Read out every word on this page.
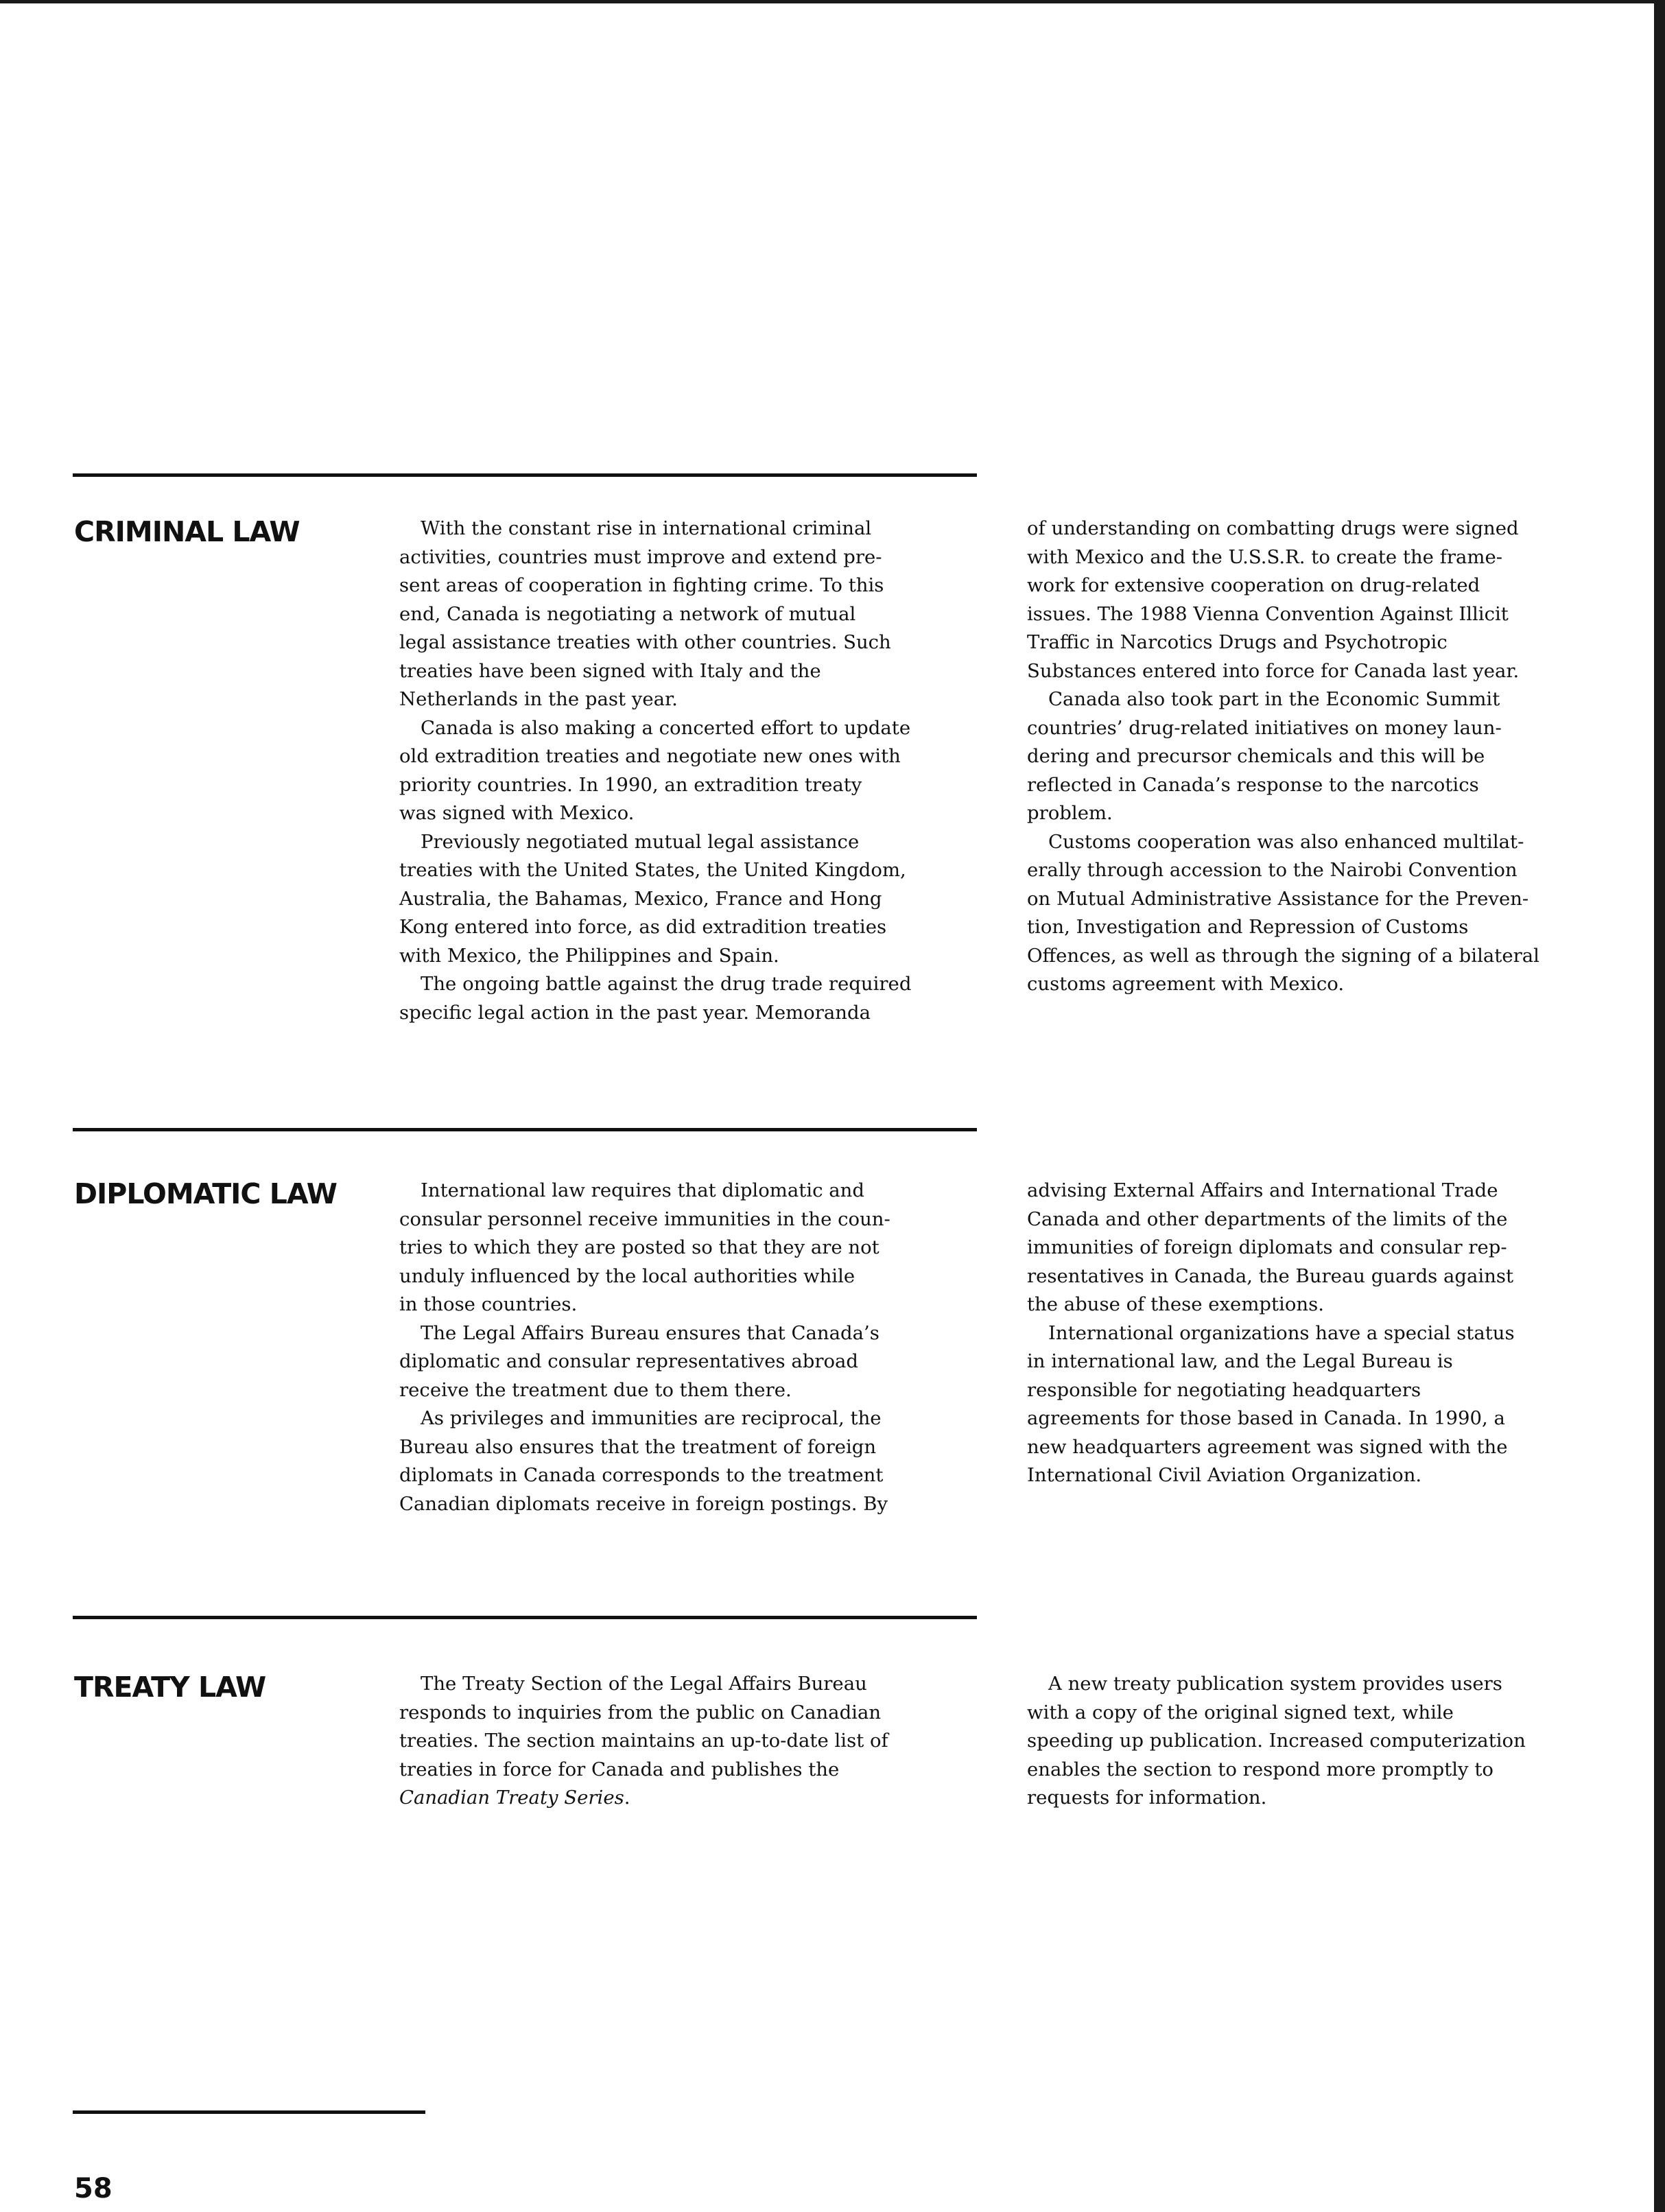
CRIMINAL LAW	With the constant rise in international criminal
activities, countries must improve and extend pre-
sent areas of cooperation in fighting crime. To this
end, Canada is negotiating a network of mutual
legal assistance treaties with other countries. Such
treaties have been signed with Italy and the
Netherlands in the past year.

Canada is also making a concerted effort to update
old extradition treaties and negotiate new ones with
priority countries. In 1990, an extradition treaty
was signed with Mexico.

Previously negotiated mutual legal assistance
treaties with the United States, the United Kingdom,
Australia, the Bahamas, Mexico, France and Hong
Kong entered into force, as did extradition treaties
with Mexico, the Philippines and Spain.

The ongoing battle against the drug trade required
specific legal action in the past year. Memoranda

of understanding on combatting drugs were signed
with Mexico and the U.S.S.R. to create the frame-
work for extensive cooperation on drug-related
issues. The 1988 Vienna Convention Against Illicit
Traffic in Narcotics Drugs and Psychotropic
Substances entered into force for Canada last year.

Canada also took part in the Economic Summit
countries’ drug-related initiatives on money laun-
dering and precursor chemicals and this will be
reflected in Canada’s response to the narcotics
problem.

Customs cooperation was also enhanced multilat-
erally through accession to the Nairobi Convention
on Mutual Administrative Assistance for the Preven-
tion, Investigation and Repression of Customs
Offences, as well as through the signing of a bilateral
customs agreement with Mexico.

DIPLOMATIC LAW	International law requires that diplomatic and
consular personnel receive immunities in the coun-
tries to which they are posted so that they are not
unduly influenced by the local authorities while
in those countries.

The Legal Affairs Bureau ensures that Canada’s
diplomatic and consular representatives abroad
receive the treatment due to them there.

As privileges and immunities are reciprocal, the
Bureau also ensures that the treatment of foreign
diplomats in Canada corresponds to the treatment
Canadian diplomats receive in foreign postings. By

advising External Affairs and International Trade
Canada and other departments of the limits of the
immunities of foreign diplomats and consular rep-
resentatives in Canada, the Bureau guards against
the abuse of these exemptions.

International organizations have a special status
in international law, and the Legal Bureau is
responsible for negotiating headquarters
agreements for those based in Canada. In 1990, a
new headquarters agreement was signed with the
International Civil Aviation Organization.

TREATY LAW	The Treaty Section of the Legal Affairs Bureau
responds to inquiries from the public on Canadian
treaties. The section maintains an up-to-date list of
treaties in force for Canada and publishes the
Canadian Treaty Series.

A new treaty publication system provides users
with a copy of the original signed text, while
speeding up publication. Increased computerization
enables the section to respond more promptly to
requests for information.

58
